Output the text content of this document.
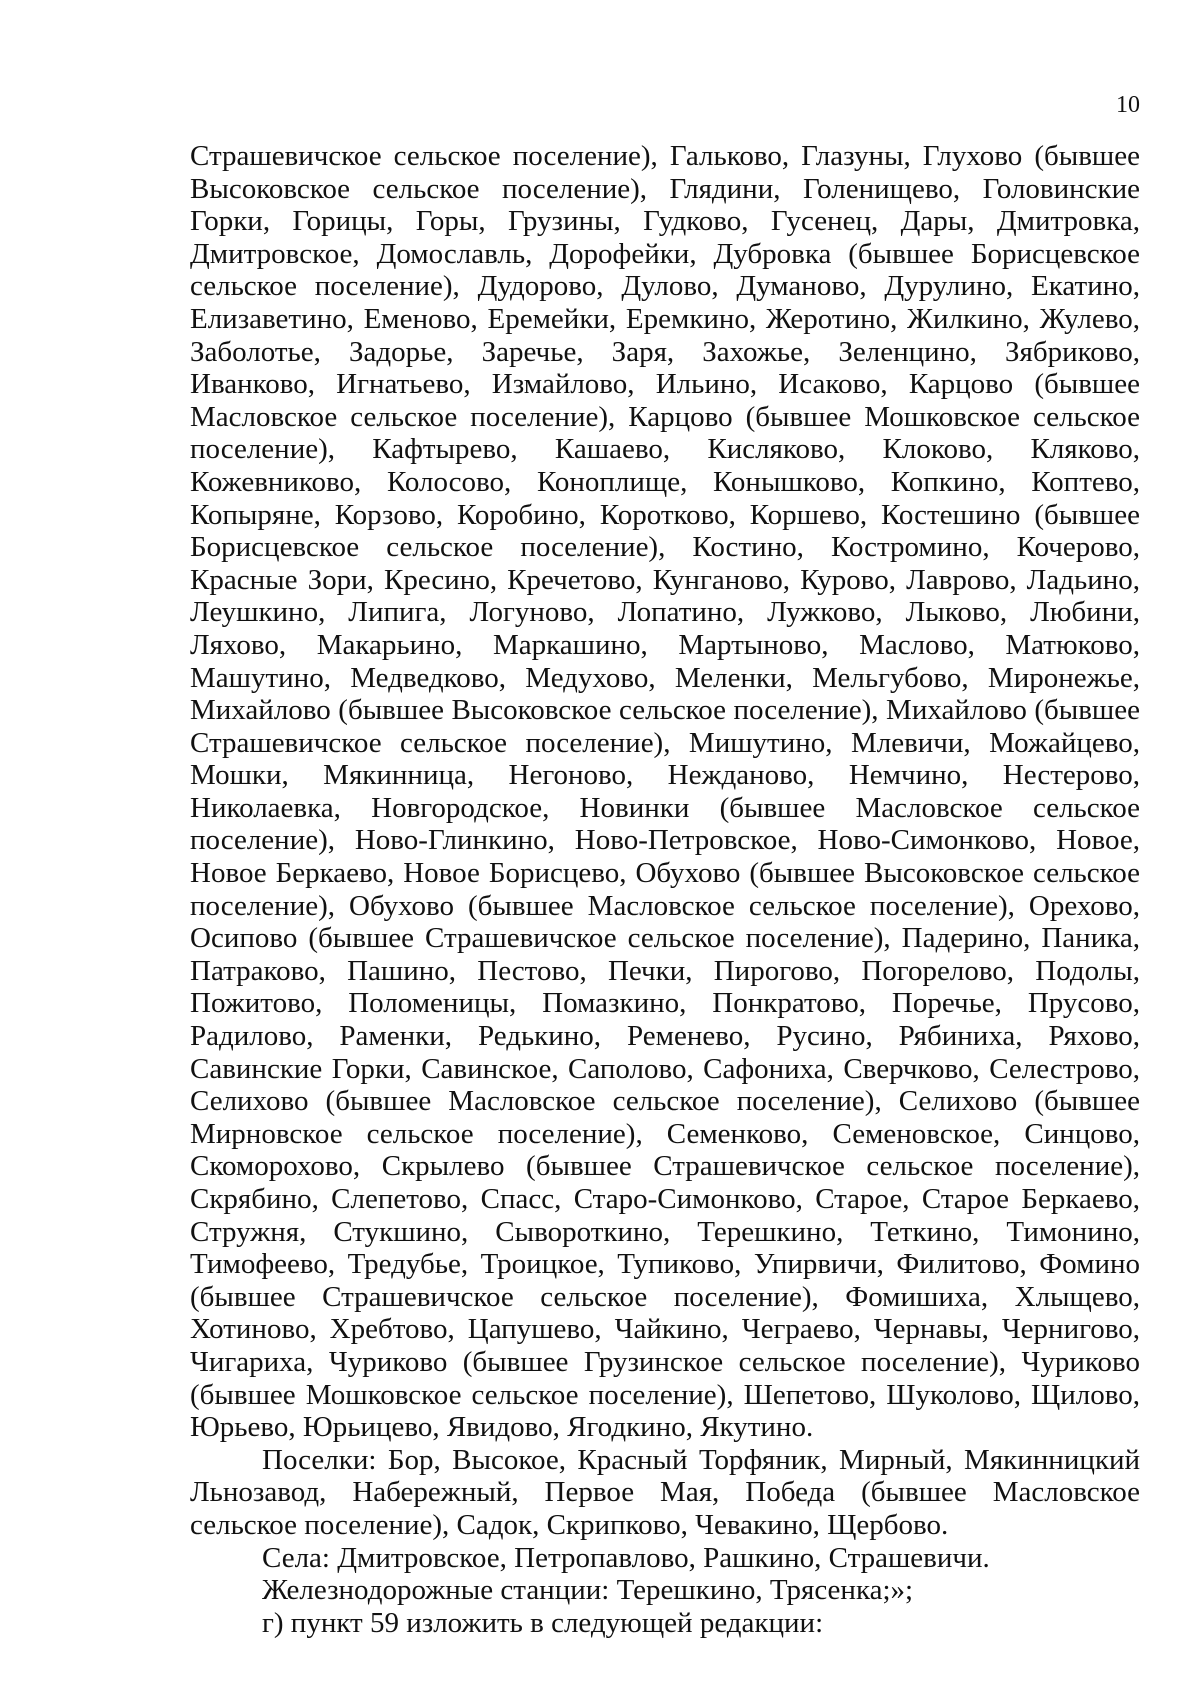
10

Страшевичское сельское поселение), Гальково, Глазуны, Глухово (бывшее Высоковское сельское поселение), Глядини, Голенищево, Головинские Горки, Горицы, Горы, Грузины, Гудково, Гусенец, Дары, Дмитровка, Дмитровское, Домославль, Дорофейки, Дубровка (бывшее Борисцевское сельское поселение), Дудорово, Дулово, Думаново, Дурулино, Екатино, Елизаветино, Еменово, Еремейки, Еремкино, Жеротино, Жилкино, Жулево, Заболотье, Задорье, Заречье, Заря, Захожье, Зеленцино, Зябриково, Иванково, Игнатьево, Измайлово, Ильино, Исаково, Карцово (бывшее Масловское сельское поселение), Карцово (бывшее Мошковское сельское поселение), Кафтырево, Кашаево, Кисляково, Клоково, Кляково, Кожевниково, Колосово, Коноплище, Конышково, Копкино, Коптево, Копыряне, Корзово, Коробино, Коротково, Коршево, Костешино (бывшее Борисцевское сельское поселение), Костино, Костромино, Кочерово, Красные Зори, Кресино, Кречетово, Кунганово, Курово, Лаврово, Ладьино, Леушкино, Липига, Логуново, Лопатино, Лужково, Лыково, Любини, Ляхово, Макарьино, Маркашино, Мартыново, Маслово, Матюково, Машутино, Медведково, Медухово, Меленки, Мельгубово, Миронежье, Михайлово (бывшее Высоковское сельское поселение), Михайлово (бывшее Страшевичское сельское поселение), Мишутино, Млевичи, Можайцево, Мошки, Мякинница, Негоново, Нежданово, Немчино, Нестерово, Николаевка, Новгородское, Новинки (бывшее Масловское сельское поселение), Ново-Глинкино, Ново-Петровское, Ново-Симонково, Новое, Новое Беркаево, Новое Борисцево, Обухово (бывшее Высоковское сельское поселение), Обухово (бывшее Масловское сельское поселение), Орехово, Осипово (бывшее Страшевичское сельское поселение), Падерино, Паника, Патраково, Пашино, Пестово, Печки, Пирогово, Погорелово, Подолы, Пожитово, Поломеницы, Помазкино, Понкратово, Поречье, Прусово, Радилово, Раменки, Редькино, Ременево, Русино, Рябиниха, Ряхово, Савинские Горки, Савинское, Саполово, Сафониха, Сверчково, Селестрово, Селихово (бывшее Масловское сельское поселение), Селихово (бывшее Мирновское сельское поселение), Семенково, Семеновское, Синцово, Скоморохово, Скрылево (бывшее Страшевичское сельское поселение), Скрябино, Слепетово, Спасс, Старо-Симонково, Старое, Старое Беркаево, Стружня, Стукшино, Сывороткино, Терешкино, Теткино, Тимонино, Тимофеево, Тредубье, Троицкое, Тупиково, Упирвичи, Филитово, Фомино (бывшее Страшевичское сельское поселение), Фомишиха, Хлыщево, Хотиново, Хребтово, Цапушево, Чайкино, Чеграево, Чернавы, Чернигово, Чигариха, Чуриково (бывшее Грузинское сельское поселение), Чуриково (бывшее Мошковское сельское поселение), Шепетово, Шуколово, Щилово, Юрьево, Юрьицево, Явидово, Ягодкино, Якутино.

Поселки: Бор, Высокое, Красный Торфяник, Мирный, Мякинницкий Льнозавод, Набережный, Первое Мая, Победа (бывшее Масловское сельское поселение), Садок, Скрипково, Чевакино, Щербово.

Села: Дмитровское, Петропавлово, Рашкино, Страшевичи.

Железнодорожные станции: Терешкино, Трясенка;»;

г) пункт 59 изложить в следующей редакции:
